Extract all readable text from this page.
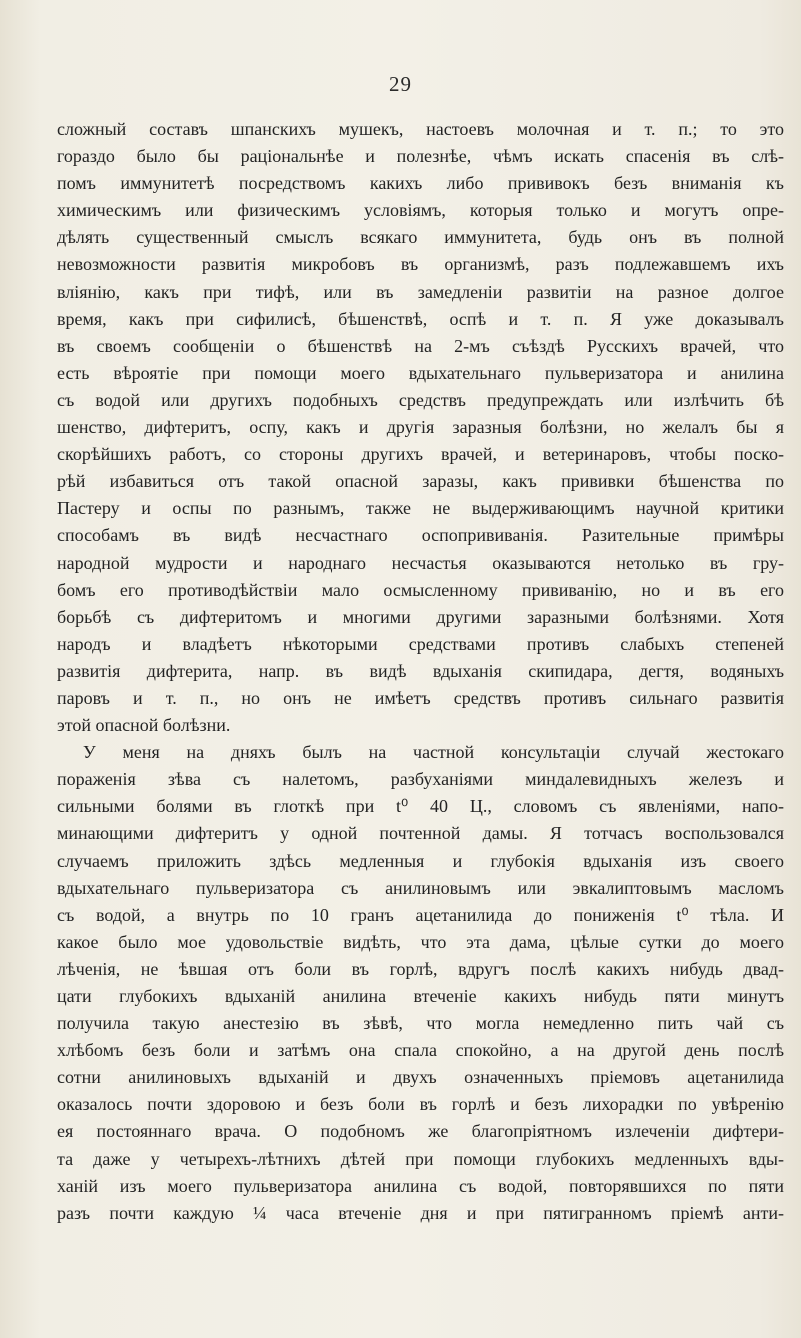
29
сложный составъ шпанскихъ мушекъ, настоевъ молочная и т. п.; то это
гораздо было бы раціональнѣе и полезнѣе, чѣмъ искать спасенія въ слѣ-
помъ иммунитетѣ посредствомъ какихъ либо прививокъ безъ вниманія къ
химическимъ или физическимъ условіямъ, которыя только и могутъ опре-
дѣлять существенный смыслъ всякаго иммунитета, будь онъ въ полной
невозможности развитія микробовъ въ организмѣ, разъ подлежавшемъ ихъ
вліянію, какъ при тифѣ, или въ замедленіи развитіи на разное долгое
время, какъ при сифилисѣ, бѣшенствѣ, оспѣ и т. п. Я уже доказывалъ
въ своемъ сообщеніи о бѣшенствѣ на 2-мъ съѣздѣ Русскихъ врачей, что
есть вѣроятіе при помощи моего вдыхательнаго пульверизатора и анилина
съ водой или другихъ подобныхъ средствъ предупреждать или излѣчить бѣ
шенство, дифтеритъ, оспу, какъ и другія заразныя болѣзни, но желалъ бы я
скорѣйшихъ работъ, со стороны другихъ врачей, и ветеринаровъ, чтобы поско-
рѣй избавиться отъ такой опасной заразы, какъ прививки бѣшенства по
Пастеру и оспы по разнымъ, также не выдерживающимъ научной критики
способамъ въ видѣ несчастнаго оспопрививанія. Разительные примѣры
народной мудрости и народнаго несчастья оказываются нетолько въ гру-
бомъ его противодѣйствіи мало осмысленному прививанію, но и въ его
борьбѣ съ дифтеритомъ и многими другими заразными болѣзнями. Хотя
народъ и владѣетъ нѣкоторыми средствами противъ слабыхъ степеней
развитія дифтерита, напр. въ видѣ вдыханія скипидара, дегтя, водяныхъ
паровъ и т. п., но онъ не имѣетъ средствъ противъ сильнаго развитія
этой опасной болѣзни.
У меня на дняхъ былъ на частной консультаціи случай жестокаго
пораженія зѣва съ налетомъ, разбуханіями миндалевидныхъ железъ и
сильными болями въ глоткѣ при t⁰ 40 Ц., словомъ съ явленіями, напо-
минающими дифтеритъ у одной почтенной дамы. Я тотчасъ воспользовался
случаемъ приложить здѣсь медленныя и глубокія вдыханія изъ своего
вдыхательнаго пульверизатора съ анилиновымъ или эвкалиптовымъ масломъ
съ водой, а внутрь по 10 гранъ ацетанилида до пониженія t⁰ тѣла. И
какое было мое удовольствіе видѣть, что эта дама, цѣлые сутки до моего
лѣченія, не ѣвшая отъ боли въ горлѣ, вдругъ послѣ какихъ нибудь двад-
цати глубокихъ вдыханій анилина втеченіе какихъ нибудь пяти минутъ
получила такую анестезію въ зѣвѣ, что могла немедленно пить чай съ
хлѣбомъ безъ боли и затѣмъ она спала спокойно, а на другой день послѣ
сотни анилиновыхъ вдыханій и двухъ означенныхъ пріемовъ ацетанилида
оказалось почти здоровою и безъ боли въ горлѣ и безъ лихорадки по увѣренію
ея постояннаго врача. О подобномъ же благопріятномъ излеченіи дифтери-
та даже у четырехъ-лѣтнихъ дѣтей при помощи глубокихъ медленныхъ вды-
ханій изъ моего пульверизатора анилина съ водой, повторявшихся по пяти
разъ почти каждую ¼ часа втеченіе дня и при пятигранномъ пріемѣ анти-
